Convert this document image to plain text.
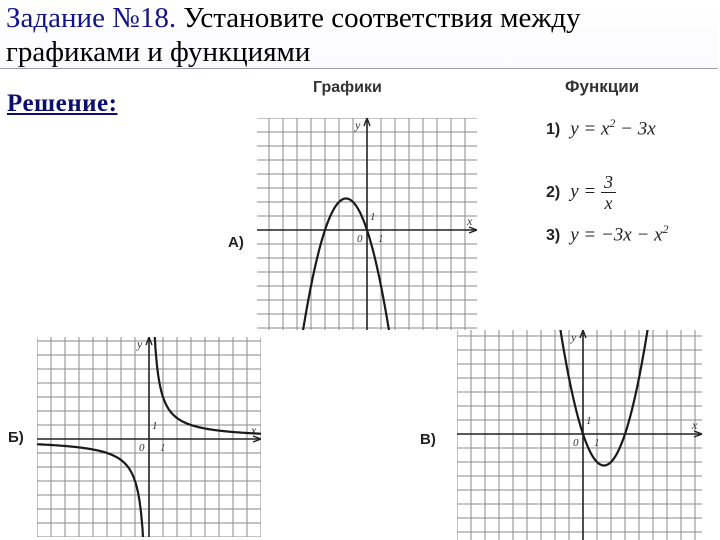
Задание №18. Установите соответствия между
графиками и функциями
Решение:
Графики	Функции
1) $y = x^2 - 3x$
2) $y = \frac{3}{x}$
3) $y = -3x - x^2$
А)
Б)	В)
y
x
0 1
1
y
x
0 1
1
y
x
0 1
1
